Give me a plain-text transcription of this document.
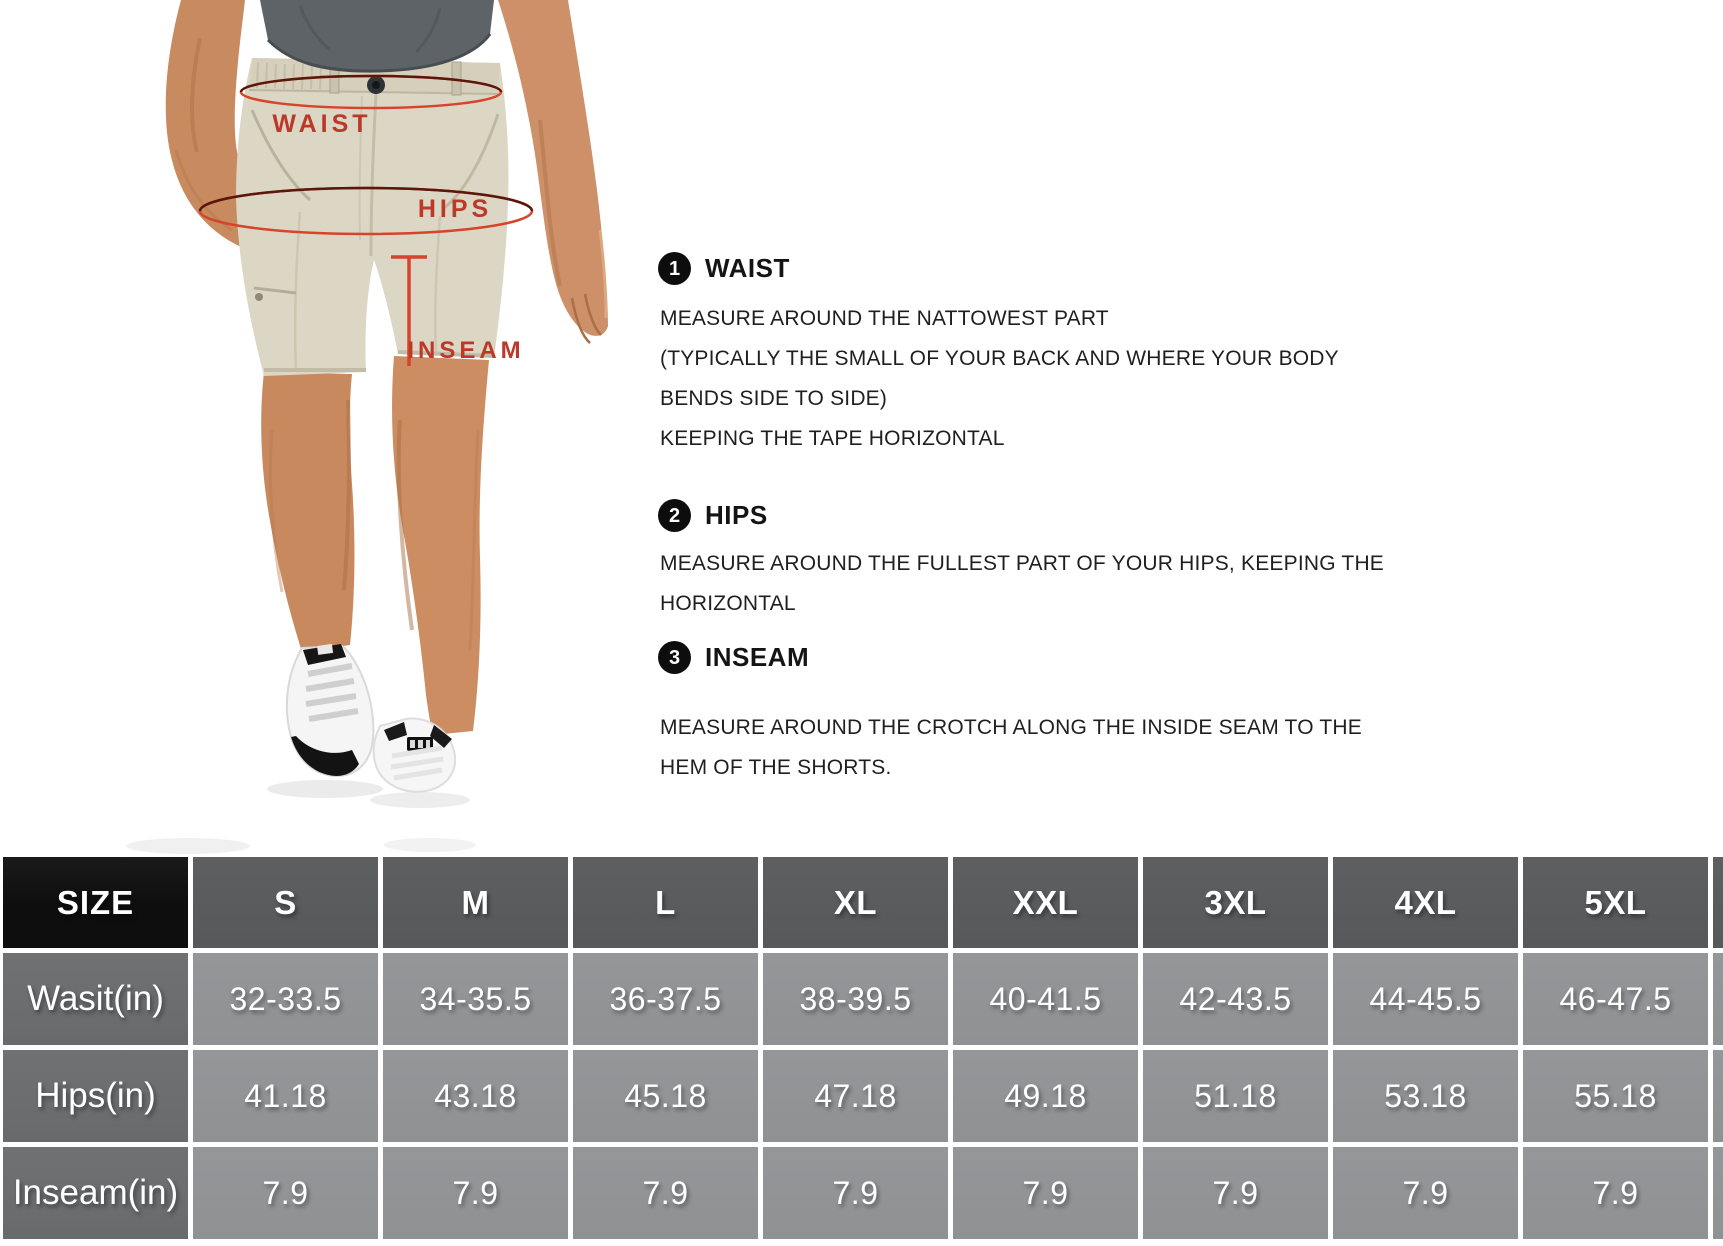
WAIST
HIPS
INSEAM
1 WAIST

MEASURE AROUND THE NATTOWEST PART

(TYPICALLY THE SMALL OF YOUR BACK AND WHERE YOUR BODY

BENDS SIDE TO SIDE)

KEEPING THE TAPE HORIZONTAL

2 HIPS

MEASURE AROUND THE FULLEST PART OF YOUR HIPS, KEEPING THE

HORIZONTAL

3 INSEAM

MEASURE AROUND THE CROTCH ALONG THE INSIDE SEAM TO THE

HEM OF THE SHORTS.

SIZE	S	M	L	XL	XXL	3XL	4XL	5XL
Wasit(in)	32-33.5	34-35.5	36-37.5	38-39.5	40-41.5	42-43.5	44-45.5	46-47.5
Hips(in)	41.18	43.18	45.18	47.18	49.18	51.18	53.18	55.18
Inseam(in)	7.9	7.9	7.9	7.9	7.9	7.9	7.9	7.9
